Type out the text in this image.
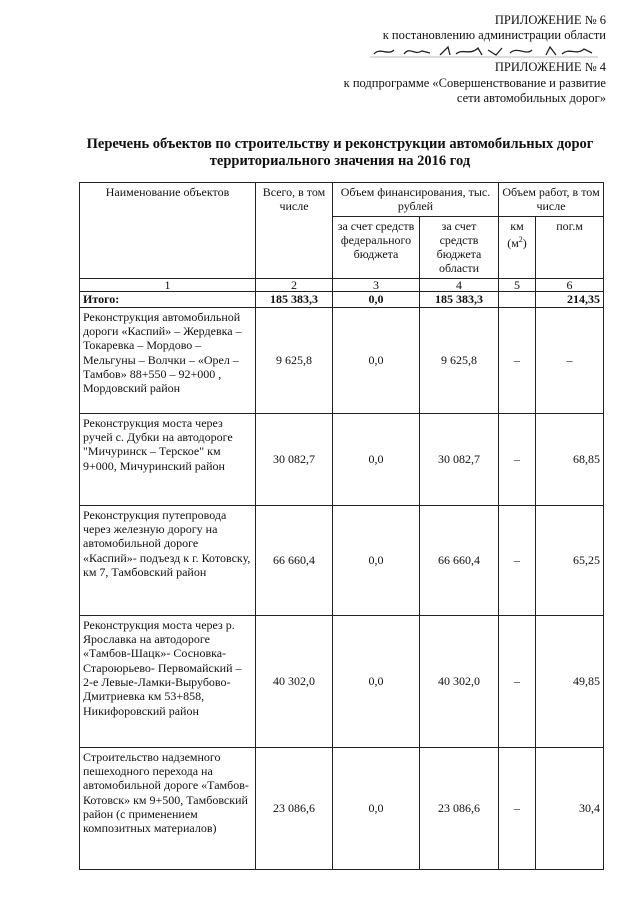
ПРИЛОЖЕНИЕ № 6
к постановлению администрации области
ПРИЛОЖЕНИЕ № 4
к подпрограмме «Совершенствование и развитие
сети автомобильных дорог»
Перечень объектов по строительству и реконструкции автомобильных дорог территориального значения на 2016 год
Наименование объектов	Всего, в том числе	Объем финансирования, тыс. рублей		Объем работ, в том числе	
		за счет средств федерального бюджета	за счет средств бюджета области	км $(м^2)$	пог.м
1	2	3	4	5	6
Итого:	185 383,3	0,0	185 383,3		214,35
Реконструкция автомобильной дороги «Каспий» – Жердевка – Токаревка – Мордово – Мельгуны – Волчки – «Орел – Тамбов» 88+550 – 92+000 , Мордовский район	9 625,8	0,0	9 625,8	–	–
Реконструкция моста через ручей с. Дубки на автодороге "Мичуринск – Терское" км 9+000, Мичуринский район	30 082,7	0,0	30 082,7	–	68,85
Реконструкция путепровода через железную дорогу на автомобильной дороге «Каспий»- подъезд к г. Котовску, км 7, Тамбовский район	66 660,4	0,0	66 660,4	–	65,25
Реконструкция моста через р. Ярославка на автодороге «Тамбов-Шацк»- Сосновка-Староюрьево- Первомайский – 2-е Левые-Ламки-Вырубово- Дмитриевка км 53+858, Никифоровский район	40 302,0	0,0	40 302,0	–	49,85
Строительство надземного пешеходного перехода на автомобильной дороге «Тамбов-Котовск» км 9+500, Тамбовский район (с применением композитных материалов)	23 086,6	0,0	23 086,6	–	30,4
